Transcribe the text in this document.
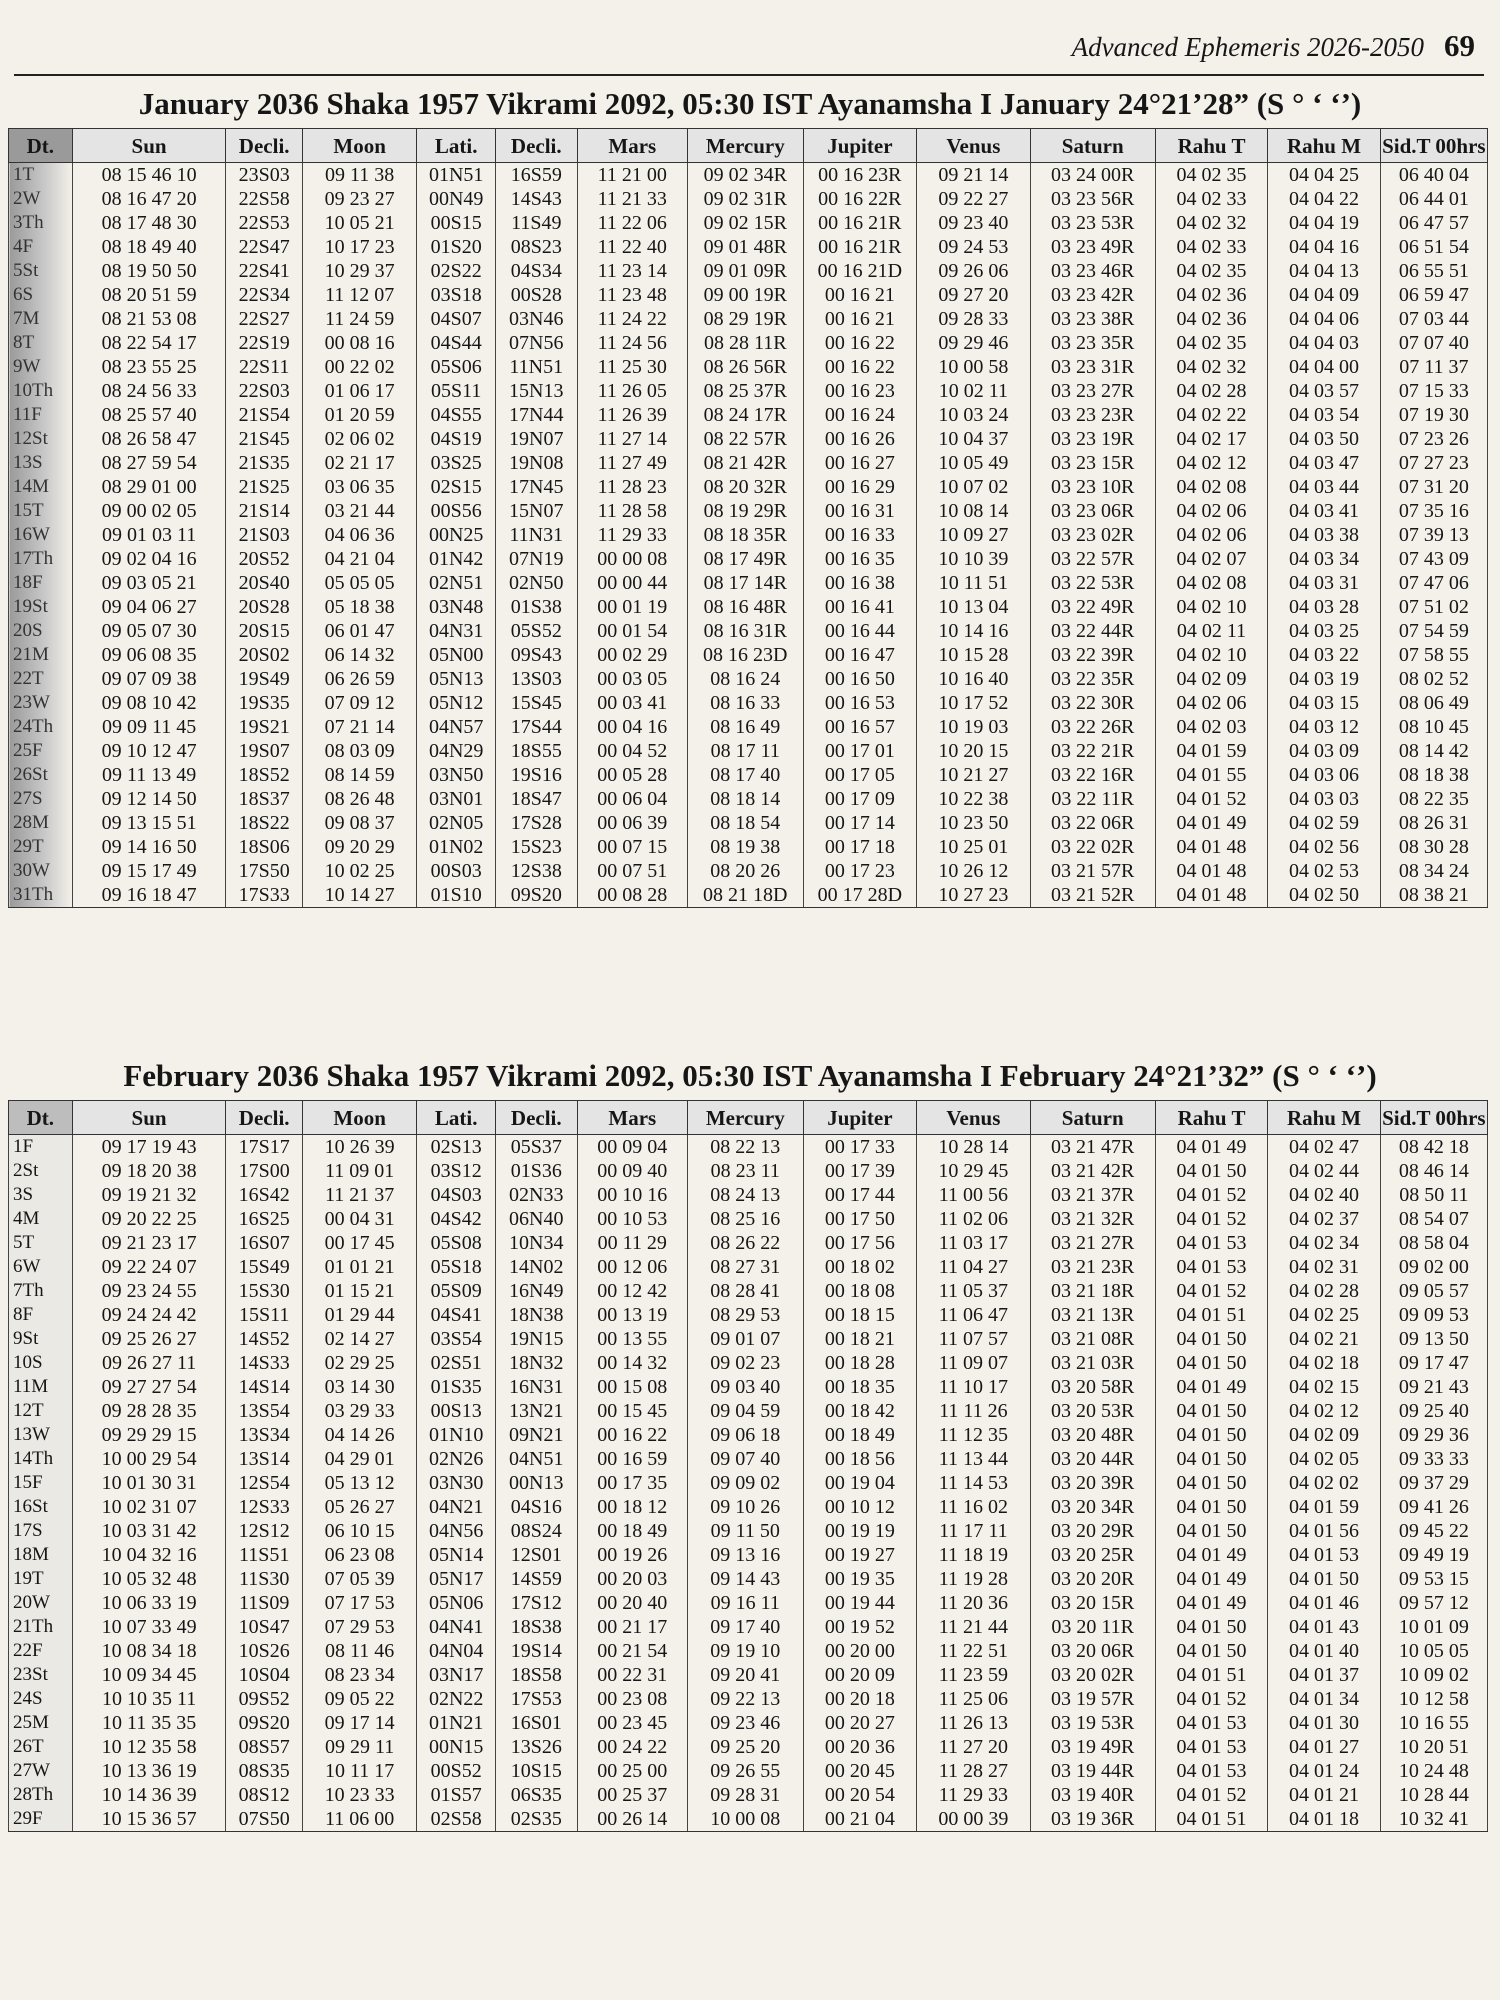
Advanced Ephemeris 2026-2050 69
January 2036 Shaka 1957 Vikrami 2092, 05:30 IST Ayanamsha I January 24°21’28” (S ° ‘ ‘’)
Dt.	Sun	Decli.	Moon	Lati.	Decli.	Mars	Mercury	Jupiter	Venus	Saturn	Rahu T	Rahu M	Sid.T 00hrs
1T	08 15 46 10	23S03	09 11 38	01N51	16S59	11 21 00	09 02 34R	00 16 23R	09 21 14	03 24 00R	04 02 35	04 04 25	06 40 04
2W	08 16 47 20	22S58	09 23 27	00N49	14S43	11 21 33	09 02 31R	00 16 22R	09 22 27	03 23 56R	04 02 33	04 04 22	06 44 01
3Th	08 17 48 30	22S53	10 05 21	00S15	11S49	11 22 06	09 02 15R	00 16 21R	09 23 40	03 23 53R	04 02 32	04 04 19	06 47 57
4F	08 18 49 40	22S47	10 17 23	01S20	08S23	11 22 40	09 01 48R	00 16 21R	09 24 53	03 23 49R	04 02 33	04 04 16	06 51 54
5St	08 19 50 50	22S41	10 29 37	02S22	04S34	11 23 14	09 01 09R	00 16 21D	09 26 06	03 23 46R	04 02 35	04 04 13	06 55 51
6S	08 20 51 59	22S34	11 12 07	03S18	00S28	11 23 48	09 00 19R	00 16 21	09 27 20	03 23 42R	04 02 36	04 04 09	06 59 47
7M	08 21 53 08	22S27	11 24 59	04S07	03N46	11 24 22	08 29 19R	00 16 21	09 28 33	03 23 38R	04 02 36	04 04 06	07 03 44
8T	08 22 54 17	22S19	00 08 16	04S44	07N56	11 24 56	08 28 11R	00 16 22	09 29 46	03 23 35R	04 02 35	04 04 03	07 07 40
9W	08 23 55 25	22S11	00 22 02	05S06	11N51	11 25 30	08 26 56R	00 16 22	10 00 58	03 23 31R	04 02 32	04 04 00	07 11 37
10Th	08 24 56 33	22S03	01 06 17	05S11	15N13	11 26 05	08 25 37R	00 16 23	10 02 11	03 23 27R	04 02 28	04 03 57	07 15 33
11F	08 25 57 40	21S54	01 20 59	04S55	17N44	11 26 39	08 24 17R	00 16 24	10 03 24	03 23 23R	04 02 22	04 03 54	07 19 30
12St	08 26 58 47	21S45	02 06 02	04S19	19N07	11 27 14	08 22 57R	00 16 26	10 04 37	03 23 19R	04 02 17	04 03 50	07 23 26
13S	08 27 59 54	21S35	02 21 17	03S25	19N08	11 27 49	08 21 42R	00 16 27	10 05 49	03 23 15R	04 02 12	04 03 47	07 27 23
14M	08 29 01 00	21S25	03 06 35	02S15	17N45	11 28 23	08 20 32R	00 16 29	10 07 02	03 23 10R	04 02 08	04 03 44	07 31 20
15T	09 00 02 05	21S14	03 21 44	00S56	15N07	11 28 58	08 19 29R	00 16 31	10 08 14	03 23 06R	04 02 06	04 03 41	07 35 16
16W	09 01 03 11	21S03	04 06 36	00N25	11N31	11 29 33	08 18 35R	00 16 33	10 09 27	03 23 02R	04 02 06	04 03 38	07 39 13
17Th	09 02 04 16	20S52	04 21 04	01N42	07N19	00 00 08	08 17 49R	00 16 35	10 10 39	03 22 57R	04 02 07	04 03 34	07 43 09
18F	09 03 05 21	20S40	05 05 05	02N51	02N50	00 00 44	08 17 14R	00 16 38	10 11 51	03 22 53R	04 02 08	04 03 31	07 47 06
19St	09 04 06 27	20S28	05 18 38	03N48	01S38	00 01 19	08 16 48R	00 16 41	10 13 04	03 22 49R	04 02 10	04 03 28	07 51 02
20S	09 05 07 30	20S15	06 01 47	04N31	05S52	00 01 54	08 16 31R	00 16 44	10 14 16	03 22 44R	04 02 11	04 03 25	07 54 59
21M	09 06 08 35	20S02	06 14 32	05N00	09S43	00 02 29	08 16 23D	00 16 47	10 15 28	03 22 39R	04 02 10	04 03 22	07 58 55
22T	09 07 09 38	19S49	06 26 59	05N13	13S03	00 03 05	08 16 24	00 16 50	10 16 40	03 22 35R	04 02 09	04 03 19	08 02 52
23W	09 08 10 42	19S35	07 09 12	05N12	15S45	00 03 41	08 16 33	00 16 53	10 17 52	03 22 30R	04 02 06	04 03 15	08 06 49
24Th	09 09 11 45	19S21	07 21 14	04N57	17S44	00 04 16	08 16 49	00 16 57	10 19 03	03 22 26R	04 02 03	04 03 12	08 10 45
25F	09 10 12 47	19S07	08 03 09	04N29	18S55	00 04 52	08 17 11	00 17 01	10 20 15	03 22 21R	04 01 59	04 03 09	08 14 42
26St	09 11 13 49	18S52	08 14 59	03N50	19S16	00 05 28	08 17 40	00 17 05	10 21 27	03 22 16R	04 01 55	04 03 06	08 18 38
27S	09 12 14 50	18S37	08 26 48	03N01	18S47	00 06 04	08 18 14	00 17 09	10 22 38	03 22 11R	04 01 52	04 03 03	08 22 35
28M	09 13 15 51	18S22	09 08 37	02N05	17S28	00 06 39	08 18 54	00 17 14	10 23 50	03 22 06R	04 01 49	04 02 59	08 26 31
29T	09 14 16 50	18S06	09 20 29	01N02	15S23	00 07 15	08 19 38	00 17 18	10 25 01	03 22 02R	04 01 48	04 02 56	08 30 28
30W	09 15 17 49	17S50	10 02 25	00S03	12S38	00 07 51	08 20 26	00 17 23	10 26 12	03 21 57R	04 01 48	04 02 53	08 34 24
31Th	09 16 18 47	17S33	10 14 27	01S10	09S20	00 08 28	08 21 18D	00 17 28D	10 27 23	03 21 52R	04 01 48	04 02 50	08 38 21
February 2036 Shaka 1957 Vikrami 2092, 05:30 IST Ayanamsha I February 24°21’32” (S ° ‘ ‘’)
Dt.	Sun	Decli.	Moon	Lati.	Decli.	Mars	Mercury	Jupiter	Venus	Saturn	Rahu T	Rahu M	Sid.T 00hrs
1F	09 17 19 43	17S17	10 26 39	02S13	05S37	00 09 04	08 22 13	00 17 33	10 28 14	03 21 47R	04 01 49	04 02 47	08 42 18
2St	09 18 20 38	17S00	11 09 01	03S12	01S36	00 09 40	08 23 11	00 17 39	10 29 45	03 21 42R	04 01 50	04 02 44	08 46 14
3S	09 19 21 32	16S42	11 21 37	04S03	02N33	00 10 16	08 24 13	00 17 44	11 00 56	03 21 37R	04 01 52	04 02 40	08 50 11
4M	09 20 22 25	16S25	00 04 31	04S42	06N40	00 10 53	08 25 16	00 17 50	11 02 06	03 21 32R	04 01 52	04 02 37	08 54 07
5T	09 21 23 17	16S07	00 17 45	05S08	10N34	00 11 29	08 26 22	00 17 56	11 03 17	03 21 27R	04 01 53	04 02 34	08 58 04
6W	09 22 24 07	15S49	01 01 21	05S18	14N02	00 12 06	08 27 31	00 18 02	11 04 27	03 21 23R	04 01 53	04 02 31	09 02 00
7Th	09 23 24 55	15S30	01 15 21	05S09	16N49	00 12 42	08 28 41	00 18 08	11 05 37	03 21 18R	04 01 52	04 02 28	09 05 57
8F	09 24 24 42	15S11	01 29 44	04S41	18N38	00 13 19	08 29 53	00 18 15	11 06 47	03 21 13R	04 01 51	04 02 25	09 09 53
9St	09 25 26 27	14S52	02 14 27	03S54	19N15	00 13 55	09 01 07	00 18 21	11 07 57	03 21 08R	04 01 50	04 02 21	09 13 50
10S	09 26 27 11	14S33	02 29 25	02S51	18N32	00 14 32	09 02 23	00 18 28	11 09 07	03 21 03R	04 01 50	04 02 18	09 17 47
11M	09 27 27 54	14S14	03 14 30	01S35	16N31	00 15 08	09 03 40	00 18 35	11 10 17	03 20 58R	04 01 49	04 02 15	09 21 43
12T	09 28 28 35	13S54	03 29 33	00S13	13N21	00 15 45	09 04 59	00 18 42	11 11 26	03 20 53R	04 01 50	04 02 12	09 25 40
13W	09 29 29 15	13S34	04 14 26	01N10	09N21	00 16 22	09 06 18	00 18 49	11 12 35	03 20 48R	04 01 50	04 02 09	09 29 36
14Th	10 00 29 54	13S14	04 29 01	02N26	04N51	00 16 59	09 07 40	00 18 56	11 13 44	03 20 44R	04 01 50	04 02 05	09 33 33
15F	10 01 30 31	12S54	05 13 12	03N30	00N13	00 17 35	09 09 02	00 19 04	11 14 53	03 20 39R	04 01 50	04 02 02	09 37 29
16St	10 02 31 07	12S33	05 26 27	04N21	04S16	00 18 12	09 10 26	00 10 12	11 16 02	03 20 34R	04 01 50	04 01 59	09 41 26
17S	10 03 31 42	12S12	06 10 15	04N56	08S24	00 18 49	09 11 50	00 19 19	11 17 11	03 20 29R	04 01 50	04 01 56	09 45 22
18M	10 04 32 16	11S51	06 23 08	05N14	12S01	00 19 26	09 13 16	00 19 27	11 18 19	03 20 25R	04 01 49	04 01 53	09 49 19
19T	10 05 32 48	11S30	07 05 39	05N17	14S59	00 20 03	09 14 43	00 19 35	11 19 28	03 20 20R	04 01 49	04 01 50	09 53 15
20W	10 06 33 19	11S09	07 17 53	05N06	17S12	00 20 40	09 16 11	00 19 44	11 20 36	03 20 15R	04 01 49	04 01 46	09 57 12
21Th	10 07 33 49	10S47	07 29 53	04N41	18S38	00 21 17	09 17 40	00 19 52	11 21 44	03 20 11R	04 01 50	04 01 43	10 01 09
22F	10 08 34 18	10S26	08 11 46	04N04	19S14	00 21 54	09 19 10	00 20 00	11 22 51	03 20 06R	04 01 50	04 01 40	10 05 05
23St	10 09 34 45	10S04	08 23 34	03N17	18S58	00 22 31	09 20 41	00 20 09	11 23 59	03 20 02R	04 01 51	04 01 37	10 09 02
24S	10 10 35 11	09S52	09 05 22	02N22	17S53	00 23 08	09 22 13	00 20 18	11 25 06	03 19 57R	04 01 52	04 01 34	10 12 58
25M	10 11 35 35	09S20	09 17 14	01N21	16S01	00 23 45	09 23 46	00 20 27	11 26 13	03 19 53R	04 01 53	04 01 30	10 16 55
26T	10 12 35 58	08S57	09 29 11	00N15	13S26	00 24 22	09 25 20	00 20 36	11 27 20	03 19 49R	04 01 53	04 01 27	10 20 51
27W	10 13 36 19	08S35	10 11 17	00S52	10S15	00 25 00	09 26 55	00 20 45	11 28 27	03 19 44R	04 01 53	04 01 24	10 24 48
28Th	10 14 36 39	08S12	10 23 33	01S57	06S35	00 25 37	09 28 31	00 20 54	11 29 33	03 19 40R	04 01 52	04 01 21	10 28 44
29F	10 15 36 57	07S50	11 06 00	02S58	02S35	00 26 14	10 00 08	00 21 04	00 00 39	03 19 36R	04 01 51	04 01 18	10 32 41
